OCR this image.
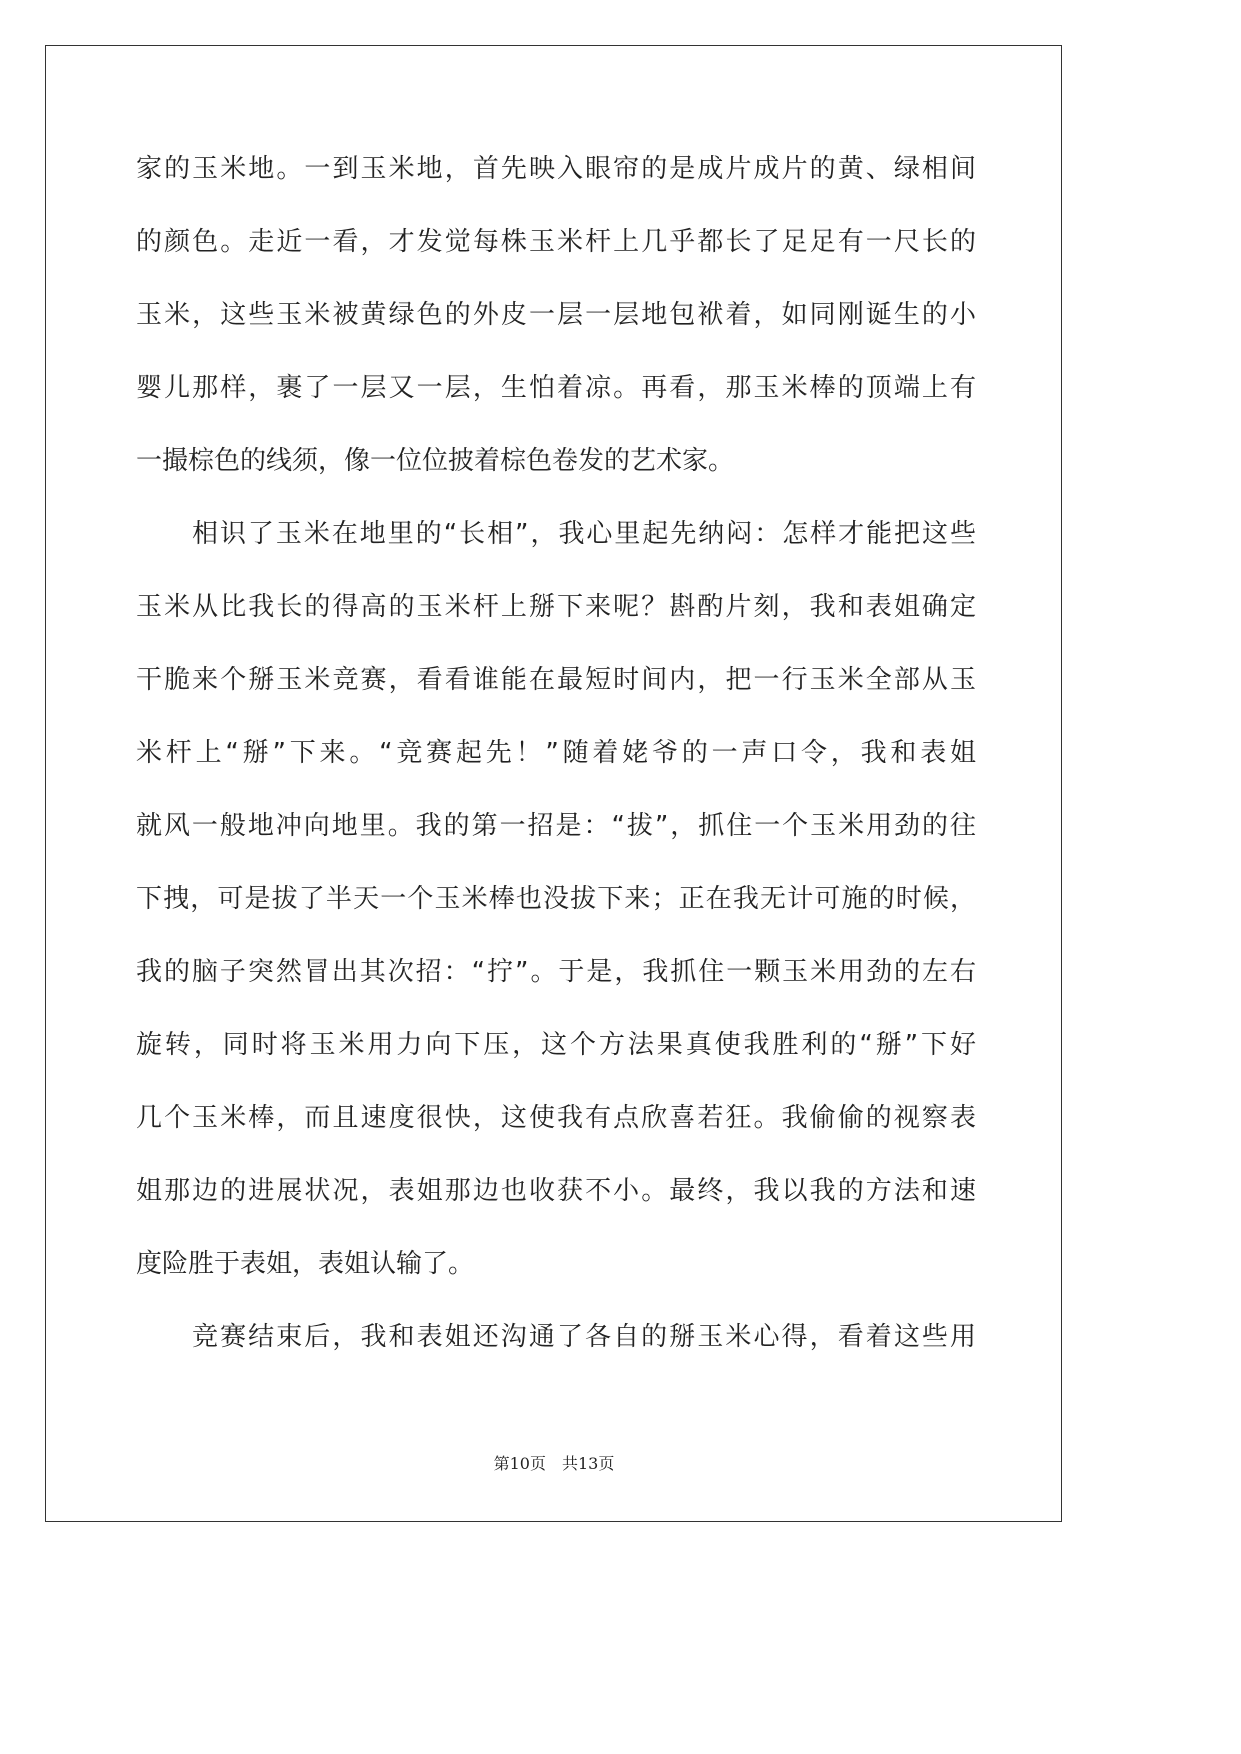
家的玉米地。一到玉米地，首先映入眼帘的是成片成片的黄、绿相间
的颜色。走近一看，才发觉每株玉米杆上几乎都长了足足有一尺长的
玉米，这些玉米被黄绿色的外皮一层一层地包袱着，如同刚诞生的小
婴儿那样，裹了一层又一层，生怕着凉。再看，那玉米棒的顶端上有
一撮棕色的线须，像一位位披着棕色卷发的艺术家。
相识了玉米在地里的“长相”，我心里起先纳闷：怎样才能把这些
玉米从比我长的得高的玉米杆上掰下来呢？斟酌片刻，我和表姐确定
干脆来个掰玉米竞赛，看看谁能在最短时间内，把一行玉米全部从玉
米杆上“掰”下来。“竞赛起先！”随着姥爷的一声口令，我和表姐
就风一般地冲向地里。我的第一招是：“拔”，抓住一个玉米用劲的往
下拽，可是拔了半天一个玉米棒也没拔下来；正在我无计可施的时候，
我的脑子突然冒出其次招：“拧”。于是，我抓住一颗玉米用劲的左右
旋转，同时将玉米用力向下压，这个方法果真使我胜利的“掰”下好
几个玉米棒，而且速度很快，这使我有点欣喜若狂。我偷偷的视察表
姐那边的进展状况，表姐那边也收获不小。最终，我以我的方法和速
度险胜于表姐，表姐认输了。
竞赛结束后，我和表姐还沟通了各自的掰玉米心得，看着这些用
第10页　共13页
